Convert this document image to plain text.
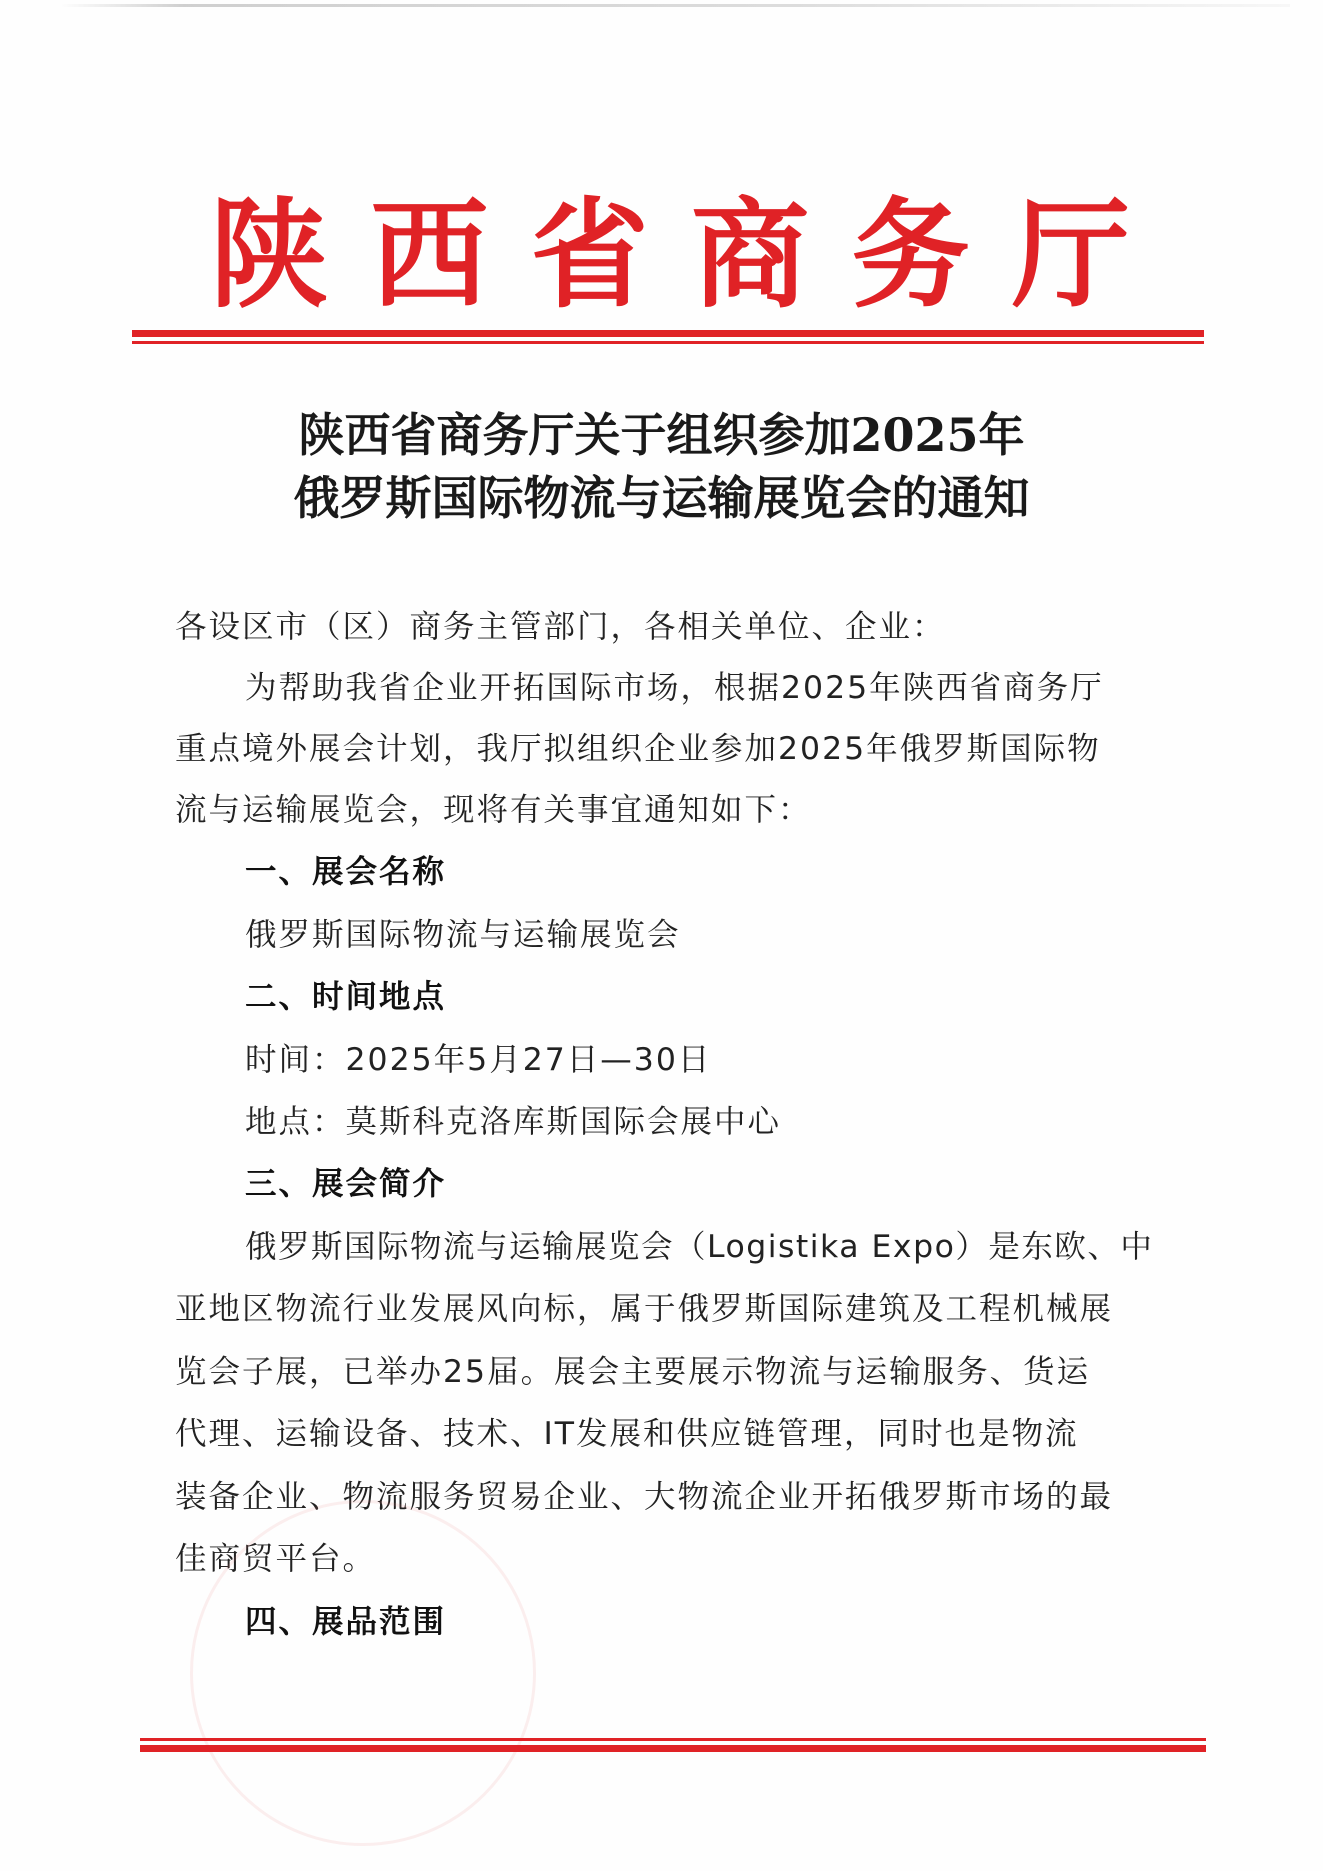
陕 西 省 商 务 厅
陕西省商务厅关于组织参加2025年
俄罗斯国际物流与运输展览会的通知
各设区市（区）商务主管部门，各相关单位、企业：
为帮助我省企业开拓国际市场，根据2025年陕西省商务厅
重点境外展会计划，我厅拟组织企业参加2025年俄罗斯国际物
流与运输展览会，现将有关事宜通知如下：
一、展会名称
俄罗斯国际物流与运输展览会
二、时间地点
时间：2025年5月27日—30日
地点：莫斯科克洛库斯国际会展中心
三、展会简介
俄罗斯国际物流与运输展览会（Logistika Expo）是东欧、中
亚地区物流行业发展风向标，属于俄罗斯国际建筑及工程机械展
览会子展，已举办25届。展会主要展示物流与运输服务、货运
代理、运输设备、技术、IT发展和供应链管理，同时也是物流
装备企业、物流服务贸易企业、大物流企业开拓俄罗斯市场的最
佳商贸平台。
四、展品范围
